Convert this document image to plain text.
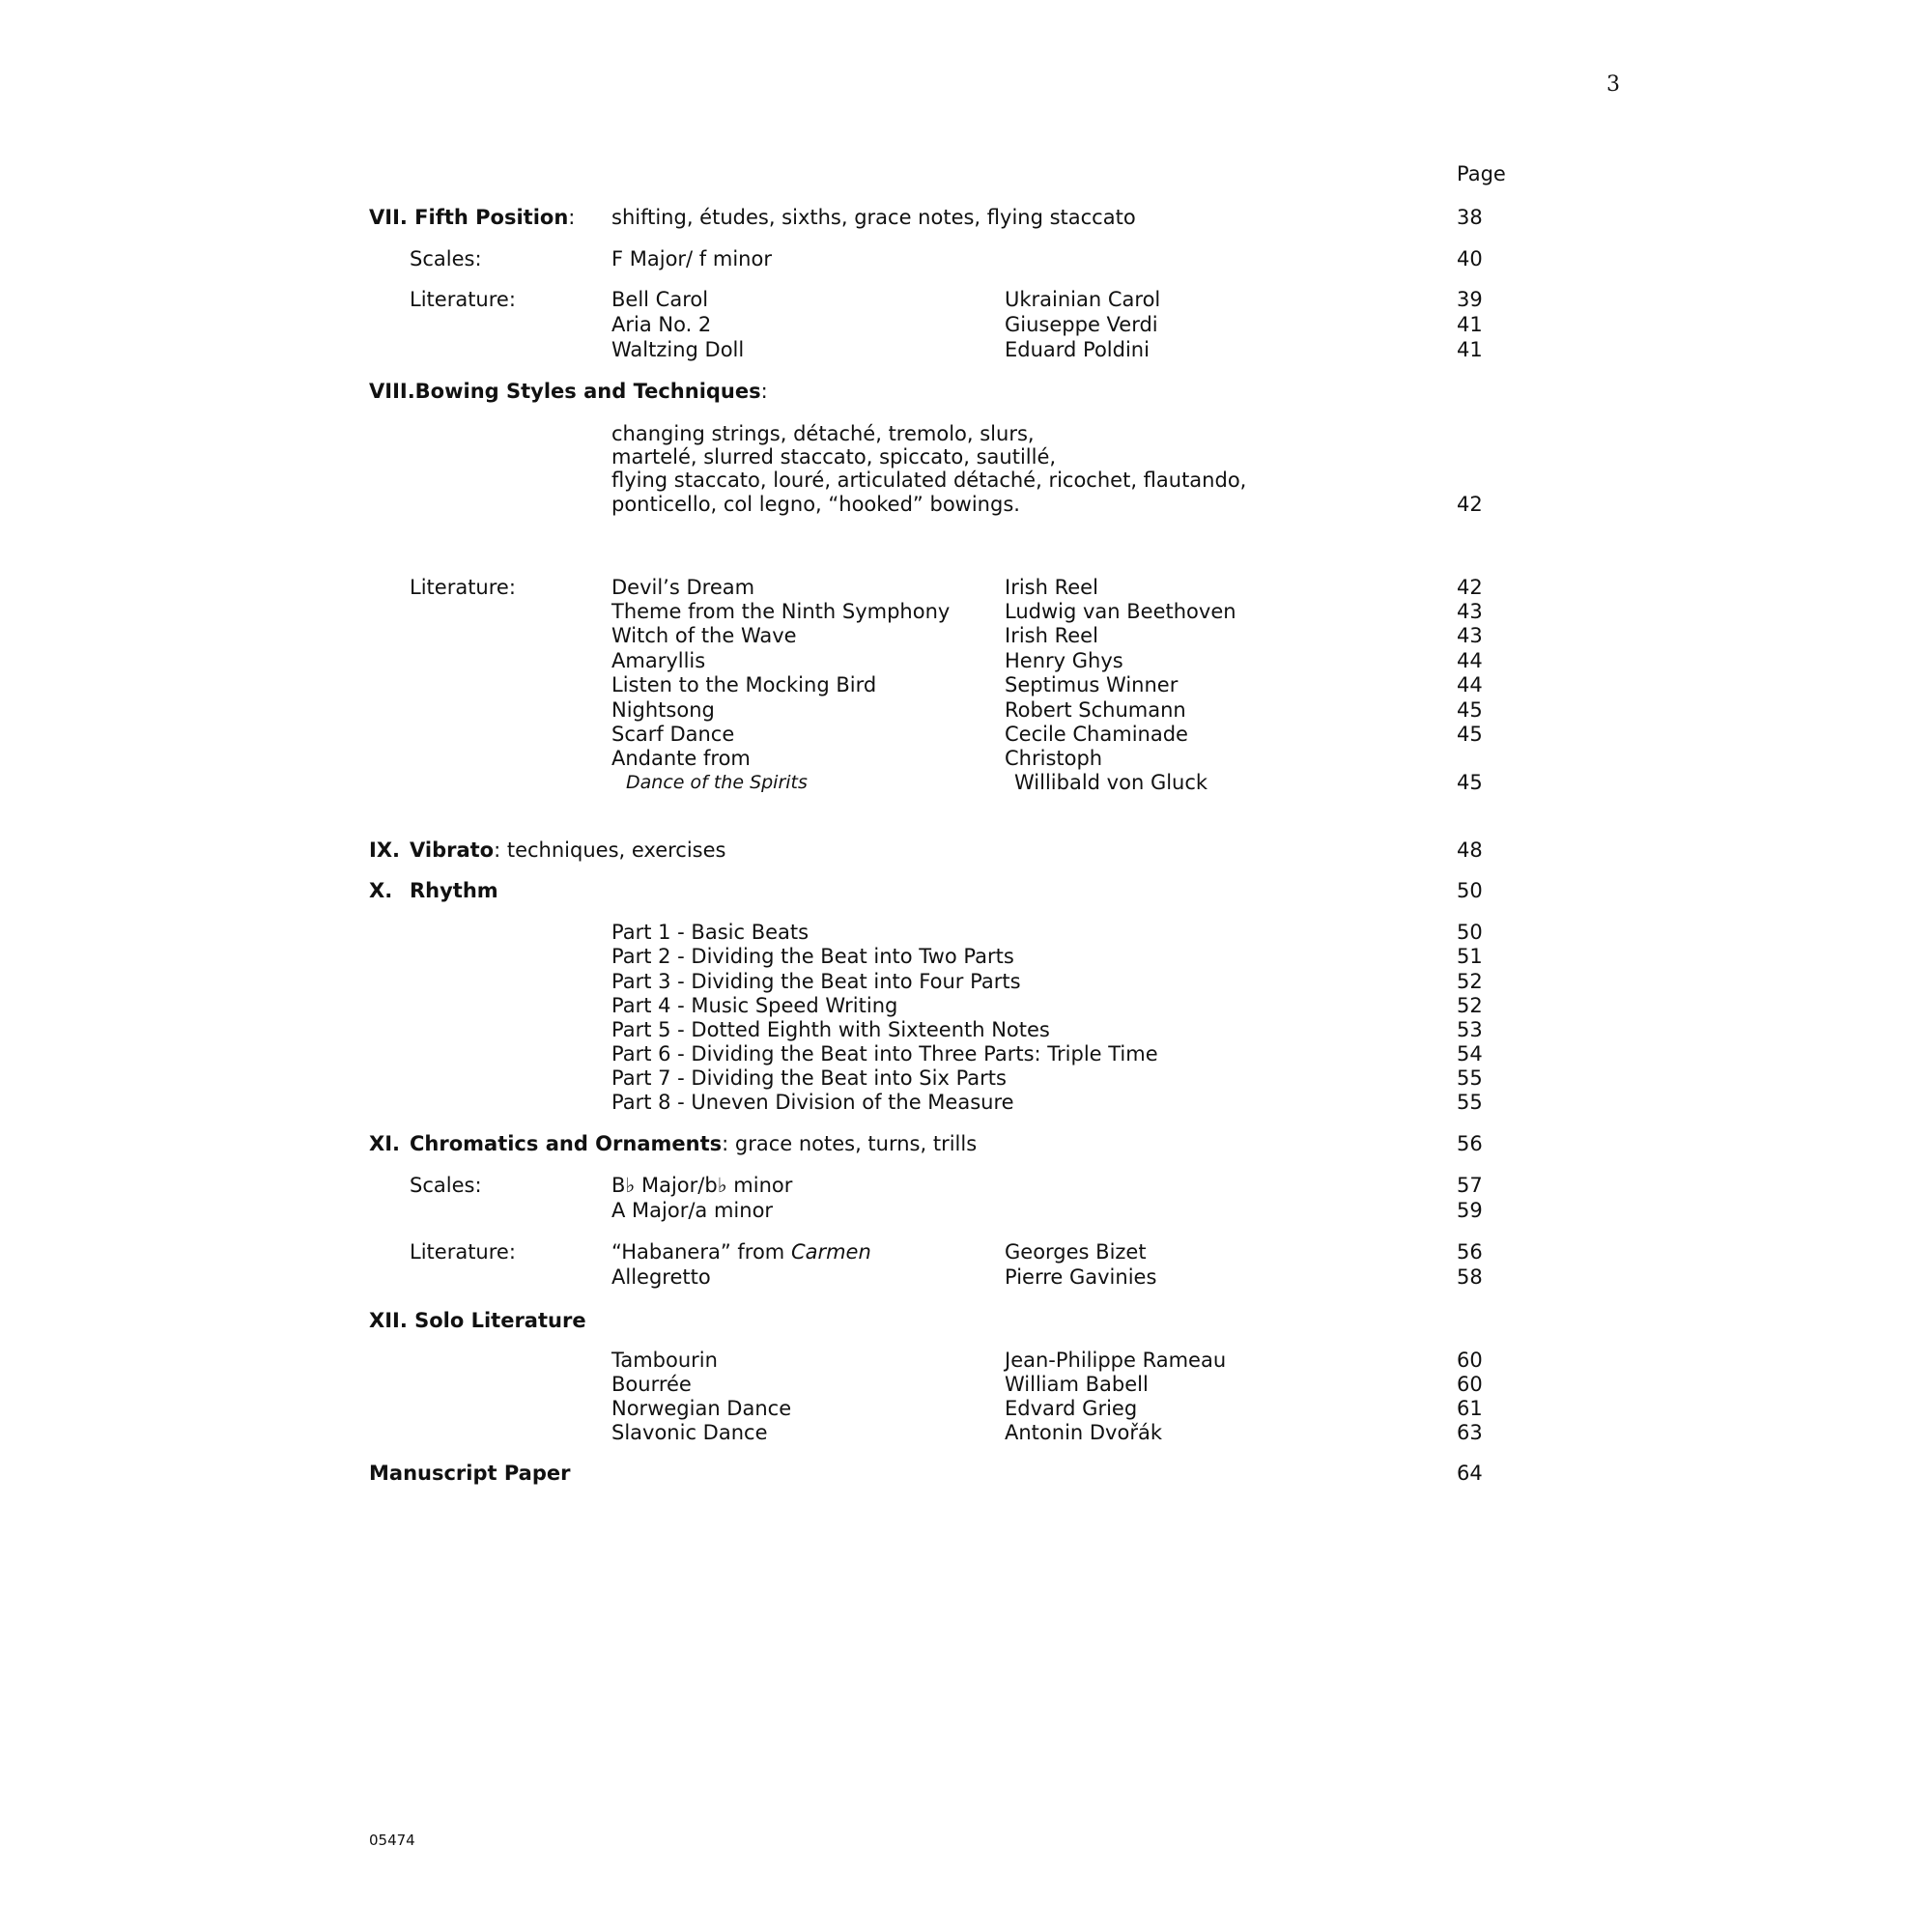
3
Page
VII. Fifth Position: shifting, études, sixths, grace notes, flying staccato	38
Scales:	F Major/ f minor	40
Literature:	Bell Carol	Ukrainian Carol	39
Aria No. 2	Giuseppe Verdi	41
Waltzing Doll	Eduard Poldini	41
VIII.Bowing Styles and Techniques:
changing strings, détaché, tremolo, slurs,
martelé, slurred staccato, spiccato, sautillé,
flying staccato, louré, articulated détaché, ricochet, flautando,
ponticello, col legno, “hooked” bowings.	42
Literature:	Devil’s Dream	Irish Reel	42
Theme from the Ninth Symphony	Ludwig van Beethoven	43
Witch of the Wave	Irish Reel	43
Amaryllis	Henry Ghys	44
Listen to the Mocking Bird	Septimus Winner	44
Nightsong	Robert Schumann	45
Scarf Dance	Cecile Chaminade	45
Andante from	Christoph
Dance of the Spirits	Willibald von Gluck	45
IX. Vibrato: techniques, exercises	48
X. Rhythm	50
Part 1 - Basic Beats	50
Part 2 - Dividing the Beat into Two Parts	51
Part 3 - Dividing the Beat into Four Parts	52
Part 4 - Music Speed Writing	52
Part 5 - Dotted Eighth with Sixteenth Notes	53
Part 6 - Dividing the Beat into Three Parts: Triple Time	54
Part 7 - Dividing the Beat into Six Parts	55
Part 8 - Uneven Division of the Measure	55
XI. Chromatics and Ornaments: grace notes, turns, trills	56
Scales:	B♭ Major/b♭ minor	57
A Major/a minor	59
Literature:	“Habanera” from Carmen	Georges Bizet	56
Allegretto	Pierre Gavinies	58
XII. Solo Literature
Tambourin	Jean-Philippe Rameau	60
Bourrée	William Babell	60
Norwegian Dance	Edvard Grieg	61
Slavonic Dance	Antonin Dvořák	63
Manuscript Paper	64
05474
